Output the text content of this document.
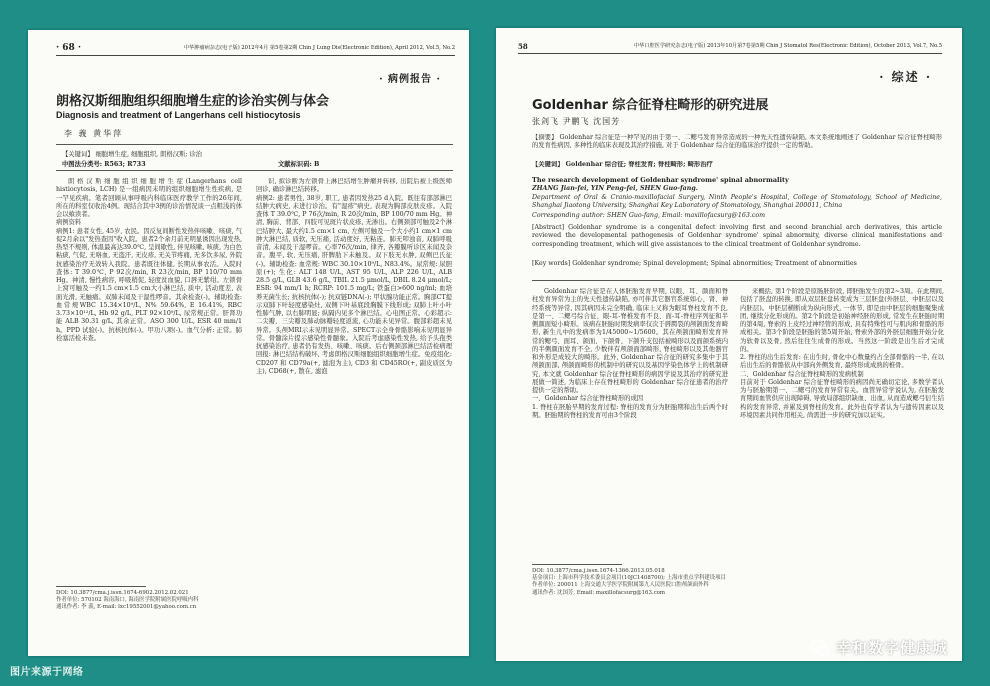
· 68 ·	中华肿瘤病杂志(电子版) 2012年4月 第5卷第2期 Chin J Lung Dis(Electronic Edition), April 2012, Vol.5, No.2
· 病例报告 ·
朗格汉斯细胞组织细胞增生症的诊治实例与体会
Diagnosis and treatment of Langerhans cell histiocytosis
李 義 黄华萍
【关键词】 细胞增生症, 细胞组织, 朗格汉斯; 诊治
中图法分类号: R563; R733	文献标识码: B
朗格汉斯细胞组织细胞增生症(Langerhans cell histiocytosis, LCH) 是一组病因未明的组织细胞增生性疾病, 是一罕见疾病。笔者回顾从事呼吸内科临床医疗教学工作的26年间, 所在的科室仅收治4例。现结合其中3例的诊治情况谈一点粗浅的体会以飨读者。
病例资料
病例1: 患者女性, 45岁, 农民。因反复间断性发热伴咳嗽、咳痰, 气促2月余以"发热查因"收入院。患者2个余月前无明显诱因出现发热, 热型不规则, 体温最高达39.0℃, 呈间歇性, 伴见咳嗽, 咳痰, 为白色粘痰, 气促, 无咯血, 无盗汗, 无皮疹, 无关节疼痛, 无多饮多尿, 外院抗感染治疗无效转入我院。患者既往体健, 长期从事农活。入院时查体: T 39.0℃, P 92次/min, R 23次/min, BP 110/70 mm Hg。神清, 慢性病容, 呼吸稍促, 轻度贫血貌, 口唇无紫绀。左锁骨上窝可触及一约1.5 cm×1.5 cm大小淋巴结, 质中, 活动度差, 表面光滑, 无触痛。双肺未闻及干湿性啰音。其余检查(-)。辅助检查: 血常规WBC 15.34×10⁹/L, N% 59.64%, E 16.41%, RBC 3.73×10¹²/L, Hb 92 g/L, PLT 92×10⁹/L, 尿常规正常。肝肾功能 ALB 30.31 g/L, 其余正常。ASO 300 U/L, ESR 40 mm/1 h。PPD 试验(-)。抗核抗体(-)。甲功八项(-)。血气分析: 正常。肺栓塞活检未查。
识, 拟诊断为左锁骨上淋巴结增生肿瘤并转移, 出院后被上级医师回诊, 确诊淋巴结转移。
病例2: 患者男性, 38岁, 职工, 患者因发热25 d入院。既往有部部淋巴结肿大病史, 未进行诊治。有"湿疹"病史, 表现为胸部皮肤皮疹。入院查体 T 39.0℃, P 76次/min, R 20次/min, BP 100/70 mm Hg。神清, 胸前、背部、四肢可见斑片状皮疹, 无渗出。右侧颈部可触及2个淋巴结肿大, 最大约1.5 cm×1 cm, 左侧可触及一个大小约1 cm×1 cm肿大淋巴结, 质软, 无压痛, 活动度好, 无粘连。肺无叩浊音, 双肺呼吸音清, 未闻及干湿啰音。心率76次/min, 律齐, 各瓣膜听诊区未闻及杂音。腹平, 软, 无压痛, 肝脾肋下未触及。双下肢无水肿, 双侧巴氏征(-)。辅助检查: 血常规: WBC 30.10×10⁹/L, N83.4%。尿常规: 尿胆原(+); 生化: ALT 148 U/L, AST 95 U/L, ALP 226 U/L, ALB 28.5 g/L, GLB 43.6 g/L, TBIL 21.5 μmol/L, DBIL 8.24 μmol/L; ESR: 94 mm/1 h; RCRP: 101.5 mg/L; 铁蛋白>600 ng/ml; 血培养无菌生长; 抗核抗体(-); 抗双链DNA(-); 甲状腺功能正常。胸部CT提示双肺下叶轻度感染灶, 双侧下叶基底段胸膜下线形成; 双肺上叶小叶性肺气肿, 以右肺明显; 纵隔内见多个淋巴结。心电图正常。心彩超示: 二尖瓣、三尖瓣及肺动脉瓣轻度返流, 心功能未见异常。腹部彩超未见异常。头颅MRI示未见明显异常。SPECT示全身骨骼影响未见明显异常。骨髓涂片提示感染性骨髓象。入院后考虑感染性发热, 给予头孢类抗感染治疗, 患者仍有发热、咳嗽、咳痰。后右侧颈部淋巴结活检病理回报: 淋巴结结构破坏, 考虑朗格汉斯细胞组织细胞增生症。免疫组化: CD207 和 CD79a(+, 滤泡为主), CD3 和 CD45RO(+, 副皮质区为主), CD68(+, 散在, 滤泡
DOI: 10.3877/cma.j.issn.1674-6902.2012.02.021
作者单位: 570102 海南海口, 海南医学院附属医院呼吸内科
通讯作者: 李 義, E-mail: lxc19552001@yahoo.com.cn
58	中华口腔医学研究杂志(电子版) 2013年10月第7卷第5期 Chin J Stomatol Res(Electronic Edition), October 2013, Vol.7, No.5
· 综述 ·
Goldenhar 综合征脊柱畸形的研究进展
张剑飞 尹鹏飞 沈国芳
【摘要】 Goldenhar 综合征是一种罕见的由于第一、二鳃弓发育异常造成的一种先天性遗传缺陷, 本文系统地阐述了 Goldenhar 综合征脊柱畸形的发育性病因, 多种性的临床表现及其治疗措施, 对于 Goldenhar 综合征的临床治疗提供一定的帮助。
【关键词】 Goldenhar 综合征; 脊柱发育; 脊柱畸形; 畸形治疗
The research development of Goldenhar syndrome' spinal abnormality
ZHANG Jian-fei, YIN Peng-fei, SHEN Guo-fang.
Department of Oral & Cranio-maxillofacial Surgery, Ninth People's Hospital, College of Stomatology, School of Medicine, Shanghai Jiaotong University, Shanghai Key Laboratory of Stomatology, Shanghai 200011, China
Corresponding author: SHEN Guo-fang, Email: maxillofacsurg@163.com
[Abstract] Goldenhar syndrome is a congenital defect involving first and second branchial arch derivatives, this article reviewed the developmental pathogenesis of Goldenhar syndrome' spinal abnormity, diverse clinical manifestations and corresponding treatment, which will give assistances to the clinical treatment of Goldenhar syndrome.
[Key words] Goldenhar syndrome; Spinal development; Spinal abnormities; Treatment of abnormities
Goldenhar 综合征是在人体胚胎发育早期, 以眼、耳、颜面和脊柱发育异常为主的先天性遗传缺陷, 亦可伴其它器官系统如心、肾、神经系统等异常, 因其病因未完全明确, 临床上又称为眼耳脊柱发育不良, 是第一、二鳃弓综合征、眼-耳-脊椎发育不良、面-耳-脊柱序列征和半侧颜面短小畸形。该病在胚胎时期发病率仅次于唇腭裂的颅颌面发育畸形, 新生儿中的发病率为1/45000~1/5600。其在颅颌面畸形发育异常的鳃弓、面耳、颌面、下颌骨、下颌升支包括被畸形以及面颌系统内的半侧颜面发育不全, 少数伴有颅颌面部畸形, 脊柱畸形以及其他器官和外形是成较大的畸形。此外, Goldenhar 综合征的研究多集中于其颅颌面部, 颅颌面畸形的机制中的研究以及基因学染色体学上的机制研究, 本文就 Goldenhar 综合征脊柱畸形的病因学说及其治疗的研究进展做一简述, 为临床上存在脊柱畸形的 Goldenhar 综合征患者的治疗提供一定的帮助。
一、Goldenhar 综合征脊柱畸形的成因
1. 脊柱在胚胎早期的发育过程: 脊柱的发育分为胚胎期和出生后两个时期。胚胎期的脊柱的发育可由3个阶段
来概括, 第1个阶段是原肠胚阶段, 即胚胎发生的第2~3周。在此期间, 包括了胚盘的转换, 即从双层胚盘转变成为三层胚盘(外胚层、中胚层以及内胚层)。中胚层横断成为纵向形式, 一体节, 即是由中胚层的细胞聚集成团, 继续分化形成的。第2个阶段是初始神经胚的形成, 常发生在胚胎时期的第4周, 脊索的上皮经过神经管的形成, 具有特殊性可与肌肉和骨骼的形成相关。第3个阶段是胚胎的第5周开始, 脊索外部的外胚层细胞开始分化为软骨以及骨, 然后往往生成骨的形成。当然这一阶段是出生后才完成的。
2. 脊柱的出生后发育: 在出生时, 骨化中心数量约占全部骨骼的一半, 在以后出生后的骨骼依从中部向外侧发育, 最终形成成熟的椎骨。
二、Goldenhar 综合征脊柱畸形的发病机制
目前对于 Goldenhar 综合征脊柱畸形的病因尚无确切定论, 多数学者认为与胚胎期第一、二鳃弓的发育异常有关。血管异常学说认为, 在胚胎发育期间血管供应出现障碍, 导致局部组织缺血、出血, 从而造成鳃弓衍生结构的发育异常, 并累及到脊柱的发育。此外也有学者认为与遗传因素以及环境因素共同作用相关, 尚需进一步的研究加以证实。
DOI: 10.3877/cma.j.issn.1674-1366.2013.05.018
基金项目: 上海市科学技术委员会项目(10JC1408700); 上海市重点学科建设项目
作者单位: 200011 上海交通大学医学院附属第九人民医院口腔颅颌面外科
通讯作者: 沈国芳, Email: maxillofacsurg@163.com
图片来源于网络
幸和数字健康城
